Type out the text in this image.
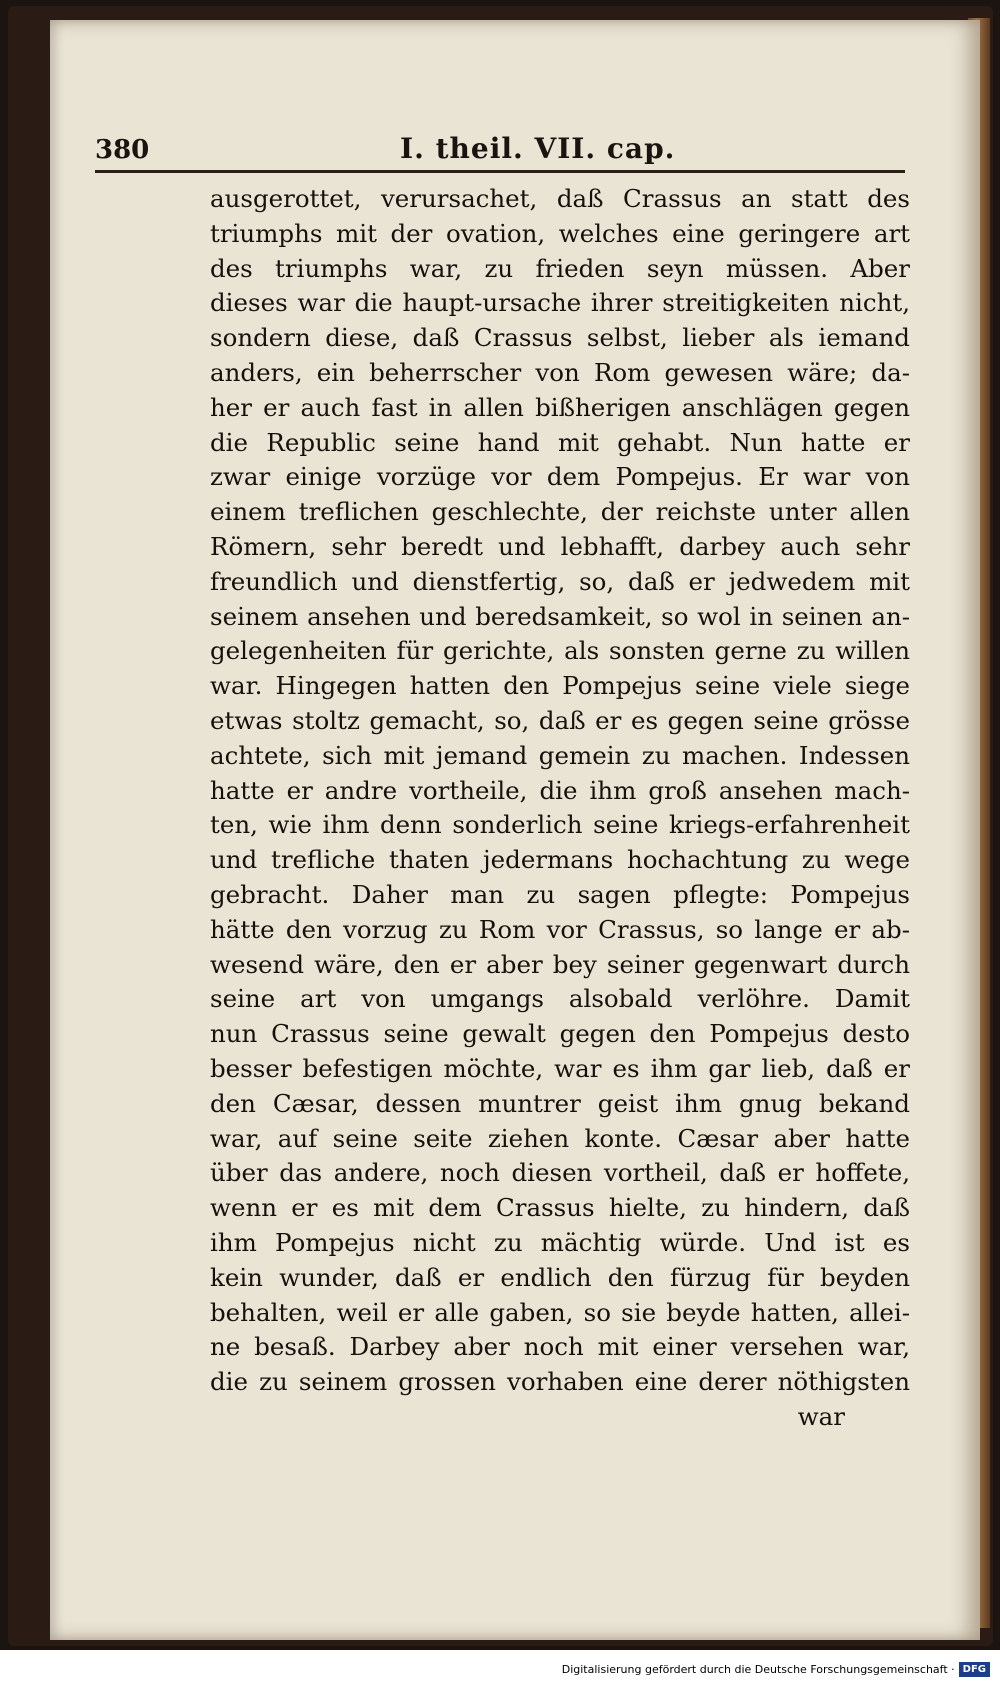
380	I. theil. VII. cap.
ausgerottet, verursachet, daß Crassus an statt des
triumphs mit der ovation, welches eine geringere art
des triumphs war, zu frieden seyn müssen. Aber
dieses war die haupt-ursache ihrer streitigkeiten nicht,
sondern diese, daß Crassus selbst, lieber als iemand
anders, ein beherrscher von Rom gewesen wäre; da-
her er auch fast in allen bißherigen anschlägen gegen
die Republic seine hand mit gehabt. Nun hatte er
zwar einige vorzüge vor dem Pompejus. Er war von
einem treflichen geschlechte, der reichste unter allen
Römern, sehr beredt und lebhafft, darbey auch sehr
freundlich und dienstfertig, so, daß er jedwedem mit
seinem ansehen und beredsamkeit, so wol in seinen an-
gelegenheiten für gerichte, als sonsten gerne zu willen
war. Hingegen hatten den Pompejus seine viele siege
etwas stoltz gemacht, so, daß er es gegen seine grösse
achtete, sich mit jemand gemein zu machen. Indessen
hatte er andre vortheile, die ihm groß ansehen mach-
ten, wie ihm denn sonderlich seine kriegs-erfahrenheit
und trefliche thaten jedermans hochachtung zu wege
gebracht. Daher man zu sagen pflegte: Pompejus
hätte den vorzug zu Rom vor Crassus, so lange er ab-
wesend wäre, den er aber bey seiner gegenwart durch
seine art von umgangs alsobald verlöhre. Damit
nun Crassus seine gewalt gegen den Pompejus desto
besser befestigen möchte, war es ihm gar lieb, daß er
den Cæsar, dessen muntrer geist ihm gnug bekand
war, auf seine seite ziehen konte. Cæsar aber hatte
über das andere, noch diesen vortheil, daß er hoffete,
wenn er es mit dem Crassus hielte, zu hindern, daß
ihm Pompejus nicht zu mächtig würde. Und ist es
kein wunder, daß er endlich den fürzug für beyden
behalten, weil er alle gaben, so sie beyde hatten, allei-
ne besaß. Darbey aber noch mit einer versehen war,
die zu seinem grossen vorhaben eine derer nöthigsten
war
Digitalisierung gefördert durch die Deutsche Forschungsgemeinschaft · DFG
